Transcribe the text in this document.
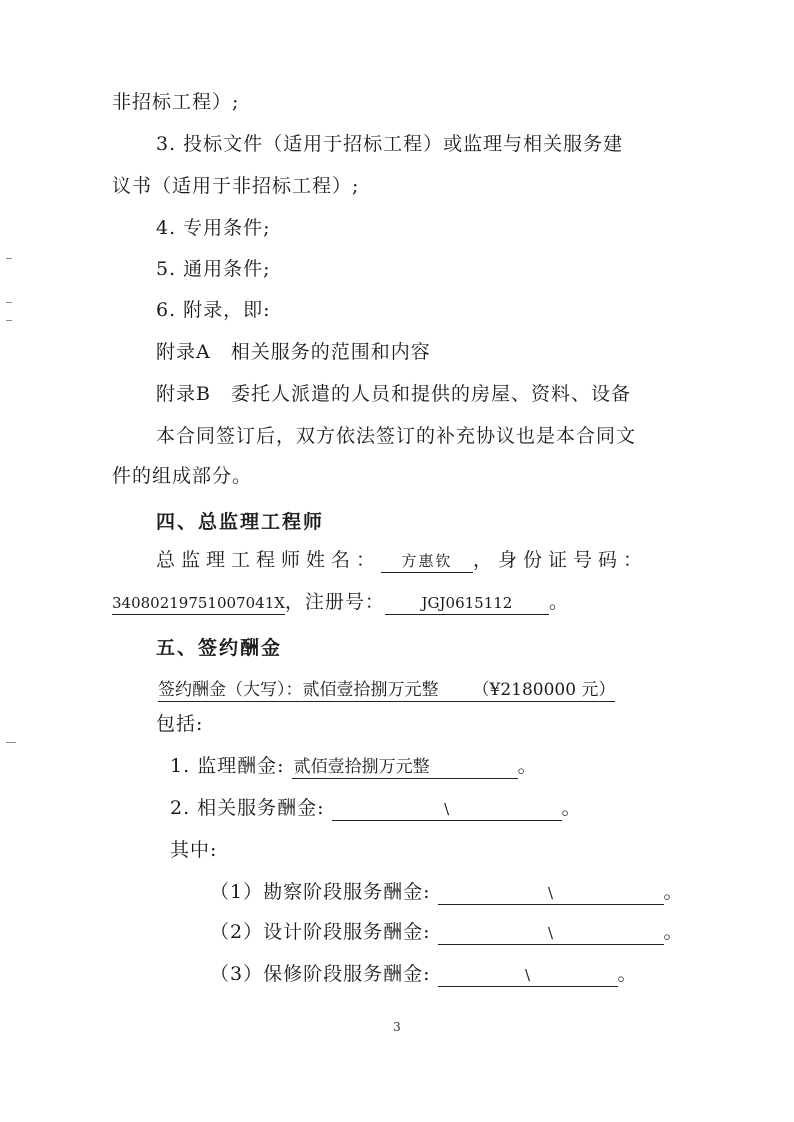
非招标工程）;
3. 投标文件（适用于招标工程）或监理与相关服务建
议书（适用于非招标工程）;
4. 专用条件;
5. 通用条件;
6. 附录，即:
附录A　相关服务的范围和内容
附录B　委托人派遣的人员和提供的房屋、资料、设备
本合同签订后，双方依法签订的补充协议也是本合同文
件的组成部分。
四、总监理工程师
总监理工程师姓名： 方惠钦 ，身份证号码：
34080219751007041X，注册号： JGJ0615112 。
五、签约酬金
签约酬金（大写）：贰佰壹拾捌万元整 （¥2180000 元）
包括:
1. 监理酬金: 贰佰壹拾捌万元整	。
2. 相关服务酬金:	\	。
其中:
（1）勘察阶段服务酬金:	\	。
（2）设计阶段服务酬金:	\	。
（3）保修阶段服务酬金:	\	。
3
